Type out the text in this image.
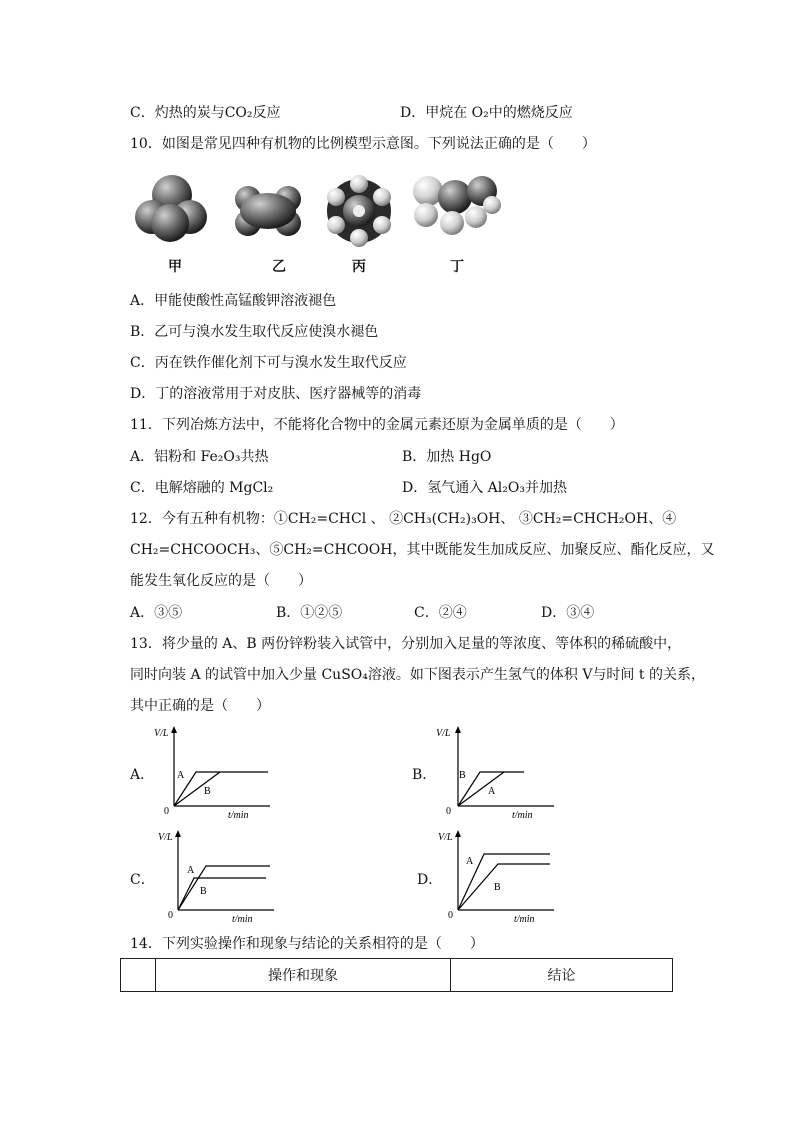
C．灼热的炭与CO₂反应	D．甲烷在 O₂中的燃烧反应
10．如图是常见四种有机物的比例模型示意图。下列说法正确的是（　　）
甲	乙	丙	丁
A．甲能使酸性高锰酸钾溶液褪色
B．乙可与溴水发生取代反应使溴水褪色
C．丙在铁作催化剂下可与溴水发生取代反应
D．丁的溶液常用于对皮肤、医疗器械等的消毒
11．下列冶炼方法中，不能将化合物中的金属元素还原为金属单质的是（　　）
A．铝粉和 Fe₂O₃共热	B．加热 HgO
C．电解熔融的 MgCl₂	D．氢气通入 Al₂O₃并加热
12．今有五种有机物：①CH₂=CHCl 、 ②CH₃(CH₂)₃OH、 ③CH₂=CHCH₂OH、④
CH₂=CHCOOCH₃、⑤CH₂=CHCOOH，其中既能发生加成反应、加聚反应、酯化反应，又
能发生氧化反应的是（　　）
A．③⑤	B．①②⑤	C．②④	D．③④
13．将少量的 A、B 两份锌粉装入试管中，分别加入足量的等浓度、等体积的稀硫酸中，
同时向装 A 的试管中加入少量 CuSO₄溶液。如下图表示产生氢气的体积 V与时间 t 的关系，
其中正确的是（　　）
A．	B．
C．	D．
V/L
0	t/min
A
B
V/L
0	t/min
B
A
V/L
0	t/min
A
B
V/L
0	t/min
A
B
14．下列实验操作和现象与结论的关系相符的是（　　）
	操作和现象	结论
